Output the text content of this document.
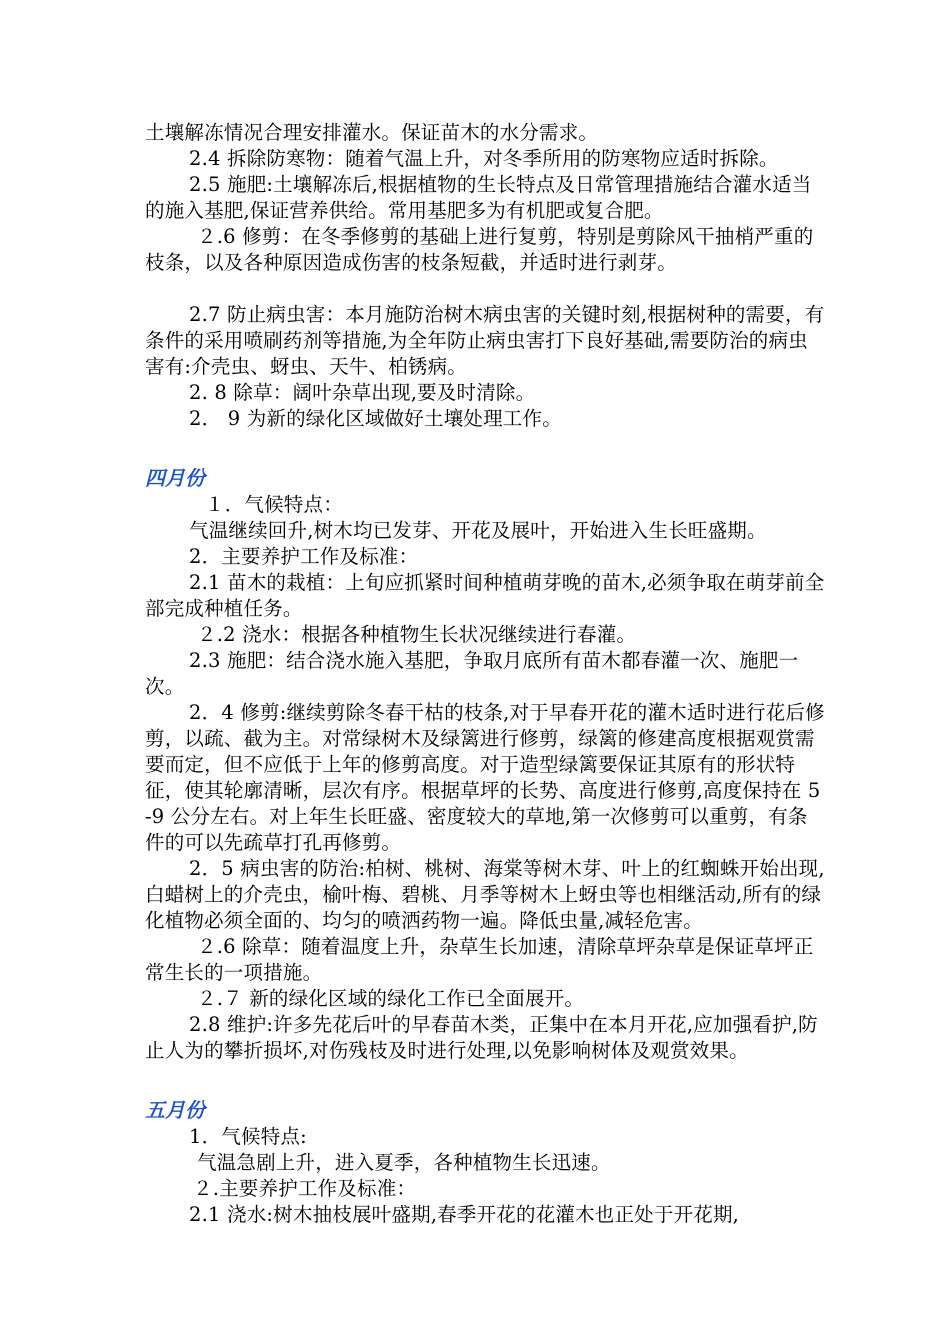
土壤解冻情况合理安排灌水。保证苗木的水分需求。

2.4 拆除防寒物：随着气温上升，对冬季所用的防寒物应适时拆除。

2.5 施肥:土壤解冻后,根据植物的生长特点及日常管理措施结合灌水适当的施入基肥,保证营养供给。常用基肥多为有机肥或复合肥。

２.6 修剪：在冬季修剪的基础上进行复剪，特别是剪除风干抽梢严重的枝条，以及各种原因造成伤害的枝条短截，并适时进行剥芽。

2.7 防止病虫害：本月施防治树木病虫害的关键时刻,根据树种的需要，有条件的采用喷刷药剂等措施,为全年防止病虫害打下良好基础,需要防治的病虫害有:介壳虫、蚜虫、天牛、柏锈病。

2. 8 除草：阔叶杂草出现,要及时清除。

2． 9 为新的绿化区域做好土壤处理工作。

四月份

１．气候特点：

气温继续回升,树木均已发芽、开花及展叶，开始进入生长旺盛期。

2．主要养护工作及标准：

2.1 苗木的栽植：上旬应抓紧时间种植萌芽晚的苗木,必须争取在萌芽前全部完成种植任务。

２.2 浇水：根据各种植物生长状况继续进行春灌。

2.3 施肥：结合浇水施入基肥，争取月底所有苗木都春灌一次、施肥一次。

2．4 修剪:继续剪除冬春干枯的枝条,对于早春开花的灌木适时进行花后修剪，以疏、截为主。对常绿树木及绿篱进行修剪，绿篱的修建高度根据观赏需要而定，但不应低于上年的修剪高度。对于造型绿篱要保证其原有的形状特征，使其轮廓清晰，层次有序。根据草坪的长势、高度进行修剪,高度保持在 5 -9 公分左右。对上年生长旺盛、密度较大的草地,第一次修剪可以重剪，有条件的可以先疏草打孔再修剪。

2．5 病虫害的防治:柏树、桃树、海棠等树木芽、叶上的红蜘蛛开始出现,白蜡树上的介壳虫，榆叶梅、碧桃、月季等树木上蚜虫等也相继活动,所有的绿化植物必须全面的、均匀的喷洒药物一遍。降低虫量,减轻危害。

２.6 除草：随着温度上升，杂草生长加速，清除草坪杂草是保证草坪正常生长的一项措施。

２.７ 新的绿化区域的绿化工作已全面展开。

2.8 维护:许多先花后叶的早春苗木类，正集中在本月开花,应加强看护,防止人为的攀折损坏,对伤残枝及时进行处理,以免影响树体及观赏效果。

五月份

1．气候特点:

气温急剧上升，进入夏季，各种植物生长迅速。

２.主要养护工作及标准：

2.1 浇水:树木抽枝展叶盛期,春季开花的花灌木也正处于开花期,
